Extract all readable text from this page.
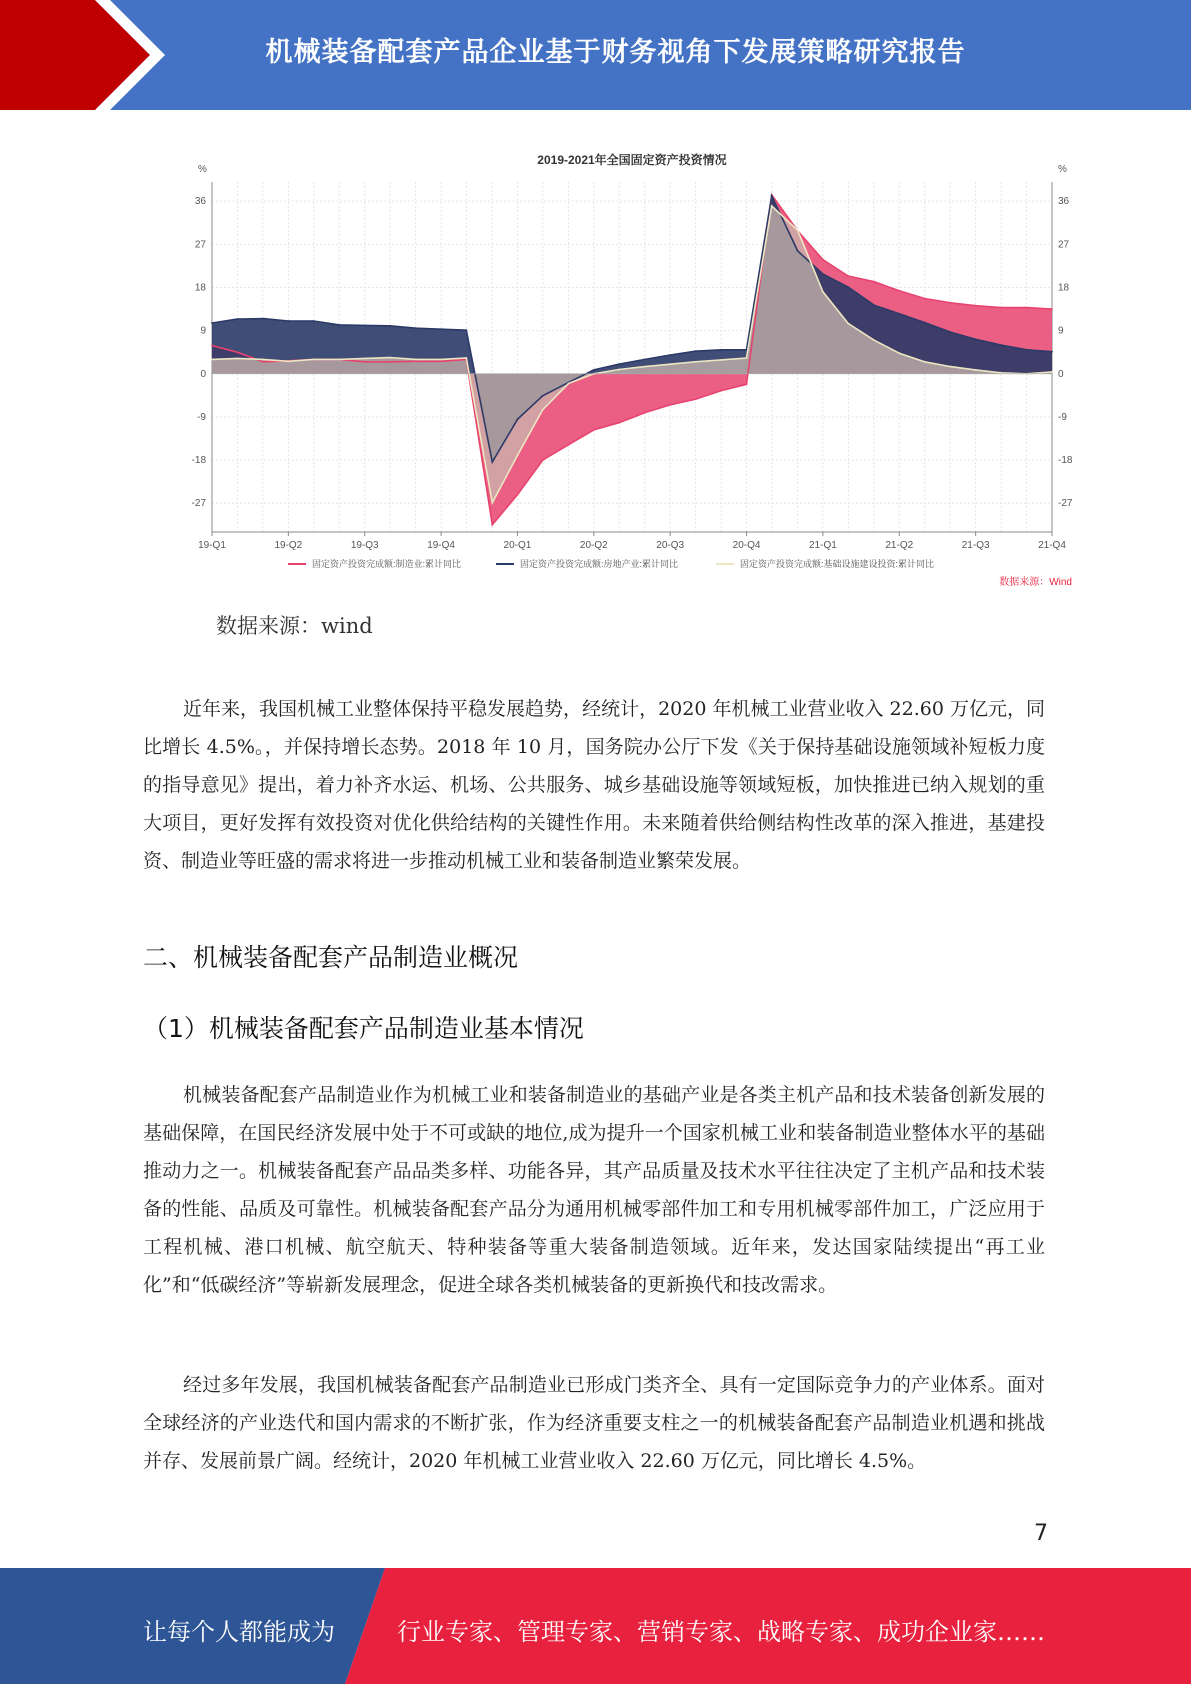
机械装备配套产品企业基于财务视角下发展策略研究报告
2019-2021年全国固定资产投资情况
%	%
36	36
27	27
18	18
9	9
0	0
-9	-9
-18	-18
-27	-27
19-Q1	19-Q2	19-Q3	19-Q4	20-Q1	20-Q2	20-Q3	20-Q4	21-Q1	21-Q2	21-Q3	21-Q4
固定资产投资完成额:制造业:累计同比	固定资产投资完成额:房地产业:累计同比	固定资产投资完成额:基础设施建设投资:累计同比
数据来源：Wind
数据来源：wind

近年来，我国机械工业整体保持平稳发展趋势，经统计，2020 年机械工业营业收入 22.60 万亿元，同比增长 4.5%。，并保持增长态势。2018 年 10 月，国务院办公厅下发《关于保持基础设施领域补短板力度的指导意见》提出，着力补齐水运、机场、公共服务、城乡基础设施等领域短板，加快推进已纳入规划的重大项目，更好发挥有效投资对优化供给结构的关键性作用。未来随着供给侧结构性改革的深入推进，基建投资、制造业等旺盛的需求将进一步推动机械工业和装备制造业繁荣发展。

二、机械装备配套产品制造业概况
（1）机械装备配套产品制造业基本情况

机械装备配套产品制造业作为机械工业和装备制造业的基础产业是各类主机产品和技术装备创新发展的基础保障，在国民经济发展中处于不可或缺的地位,成为提升一个国家机械工业和装备制造业整体水平的基础推动力之一。机械装备配套产品品类多样、功能各异，其产品质量及技术水平往往决定了主机产品和技术装备的性能、品质及可靠性。机械装备配套产品分为通用机械零部件加工和专用机械零部件加工，广泛应用于工程机械、港口机械、航空航天、特种装备等重大装备制造领域。近年来，发达国家陆续提出“再工业化”和“低碳经济”等崭新发展理念，促进全球各类机械装备的更新换代和技改需求。

经过多年发展，我国机械装备配套产品制造业已形成门类齐全、具有一定国际竞争力的产业体系。面对全球经济的产业迭代和国内需求的不断扩张，作为经济重要支柱之一的机械装备配套产品制造业机遇和挑战并存、发展前景广阔。经统计，2020 年机械工业营业收入 22.60 万亿元，同比增长 4.5%。

7
让每个人都能成为	行业专家、管理专家、营销专家、战略专家、成功企业家……
